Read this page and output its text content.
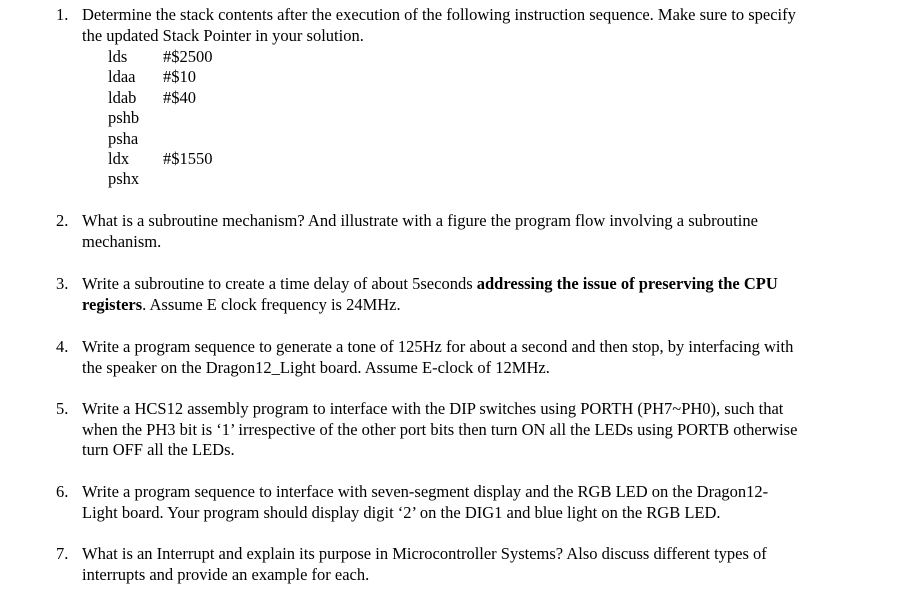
1. Determine the stack contents after the execution of the following instruction sequence. Make sure to specify
the updated Stack Pointer in your solution.
lds #$2500
ldaa #$10
ldab #$40
pshb
psha
ldx #$1550
pshx
2. What is a subroutine mechanism? And illustrate with a figure the program flow involving a subroutine
mechanism.
3. Write a subroutine to create a time delay of about 5seconds addressing the issue of preserving the CPU
registers. Assume E clock frequency is 24MHz.
4. Write a program sequence to generate a tone of 125Hz for about a second and then stop, by interfacing with
the speaker on the Dragon12_Light board. Assume E-clock of 12MHz.
5. Write a HCS12 assembly program to interface with the DIP switches using PORTH (PH7~PH0), such that
when the PH3 bit is ‘1’ irrespective of the other port bits then turn ON all the LEDs using PORTB otherwise
turn OFF all the LEDs.
6. Write a program sequence to interface with seven-segment display and the RGB LED on the Dragon12-
Light board. Your program should display digit ‘2’ on the DIG1 and blue light on the RGB LED.
7. What is an Interrupt and explain its purpose in Microcontroller Systems? Also discuss different types of
interrupts and provide an example for each.
